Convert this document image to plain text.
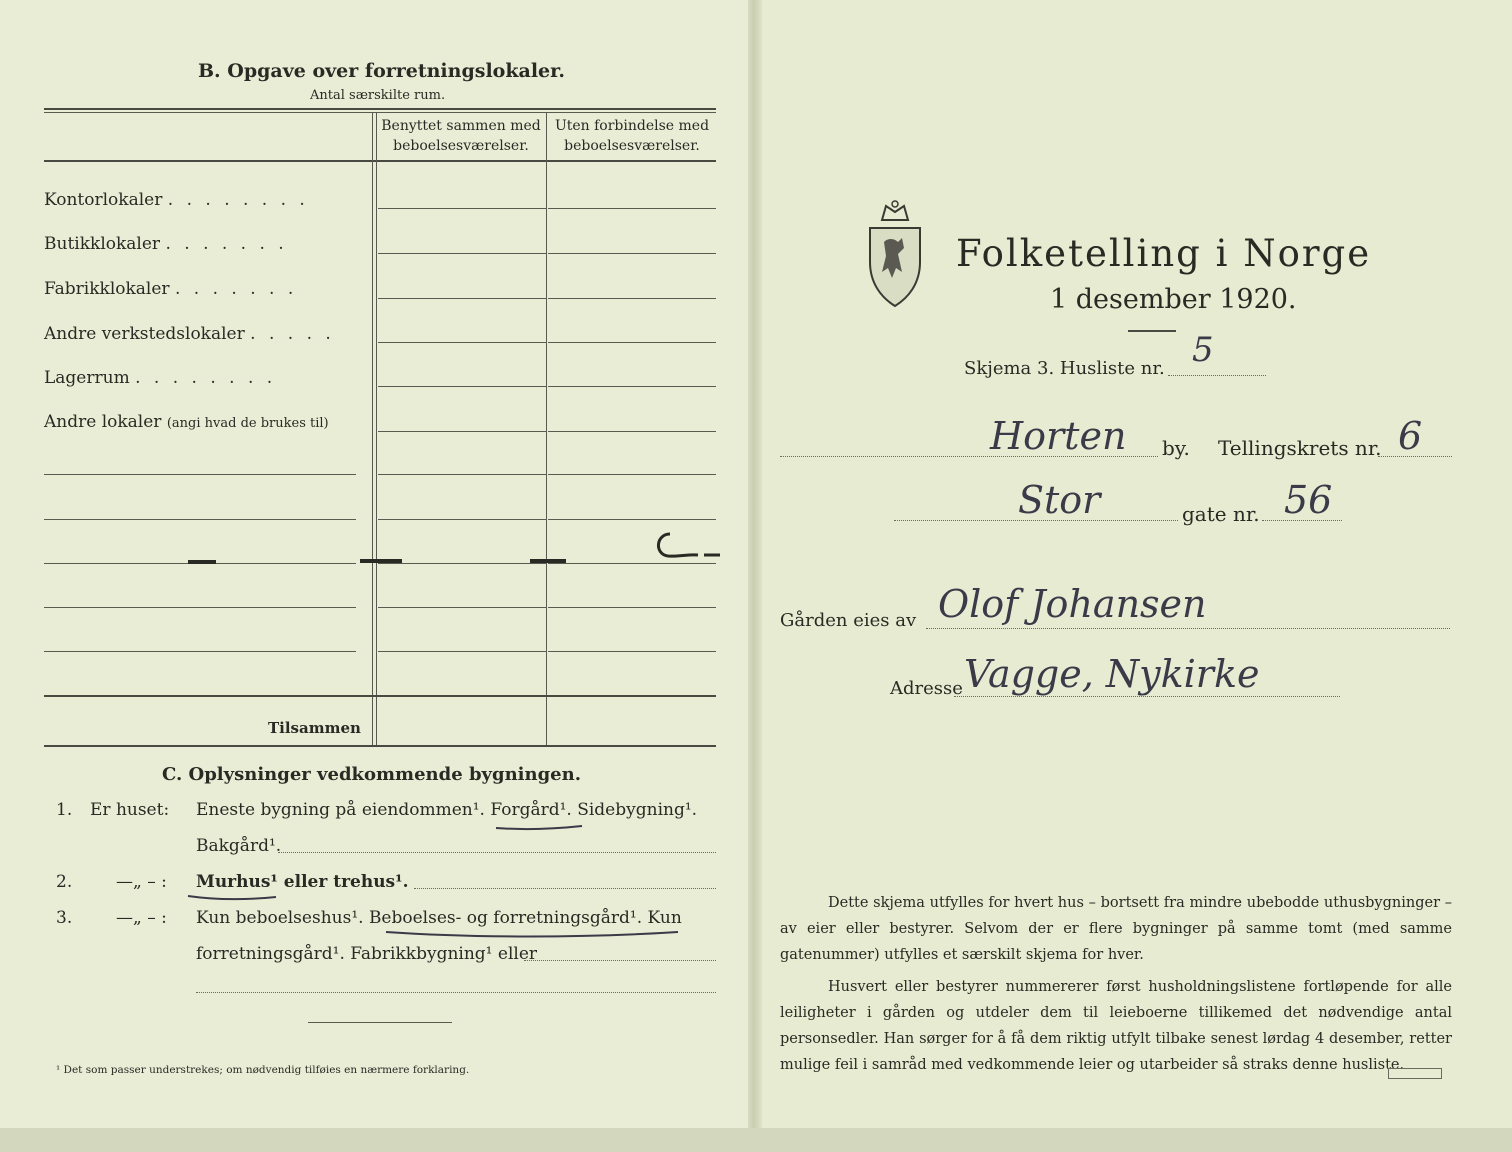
B. Opgave over forretningslokaler.
Antal særskilte rum.
Benyttet sammen med
beboelsesværelser.
Uten forbindelse med
beboelsesværelser.
Kontorlokaler . . . . . . . .
Butikklokaler . . . . . . .
Fabrikklokaler . . . . . . .
Andre verkstedslokaler . . . . .
Lagerrum . . . . . . . .
Andre lokaler (angi hvad de brukes til)
Tilsammen
C. Oplysninger vedkommende bygningen.
1. Er huset: Eneste bygning på eiendommen¹. Forgård¹. Sidebygning¹.
Bakgård¹.
2.	—„ – : Murhus¹ eller trehus¹.
3.	—„ – : Kun beboelseshus¹. Beboelses- og forretningsgård¹. Kun
forretningsgård¹. Fabrikkbygning¹ eller
¹ Det som passer understrekes; om nødvendig tilføies en nærmere forklaring.
Folketelling i Norge
1 desember 1920.
Skjema 3. Husliste nr. 5
Horten by. Tellingskrets nr. 6
Stor	gate nr. 56
Gården eies av Olof Johansen
Adresse Vagge, Nykirke
Dette skjema utfylles for hvert hus – bortsett fra mindre ubebodde uthusbygninger – av eier eller bestyrer. Selvom der er flere bygninger på samme tomt (med samme gatenummer) utfylles et særskilt skjema for hver.
Husvert eller bestyrer nummererer først husholdningslistene fortløpende for alle leiligheter i gården og utdeler dem til leieboerne tillikemed det nødvendige antal personsedler. Han sørger for å få dem riktig utfylt tilbake senest lørdag 4 desember, retter mulige feil i samråd med vedkommende leier og utarbeider så straks denne husliste.
